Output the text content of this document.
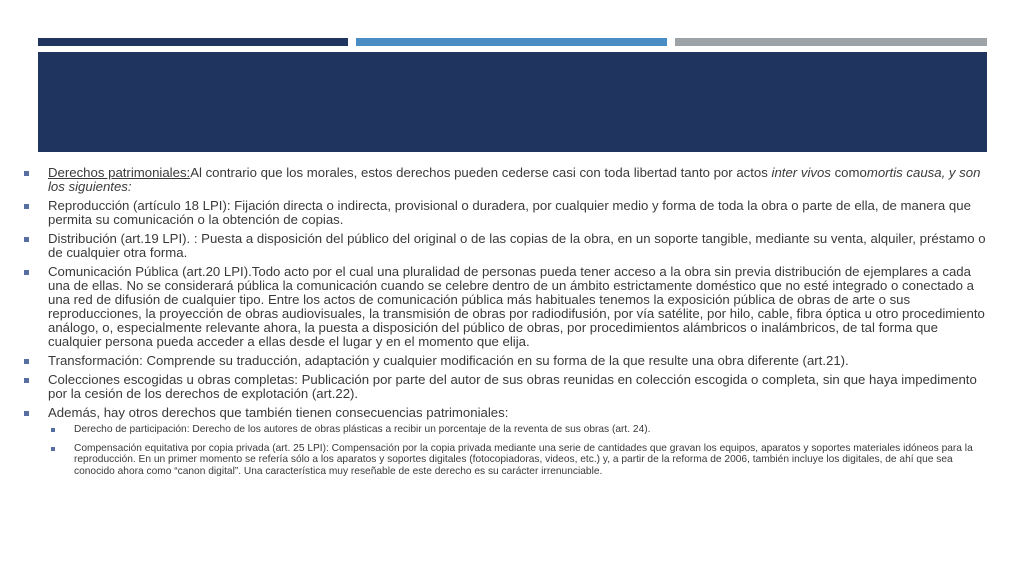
Derechos patrimoniales:Al contrario que los morales, estos derechos pueden cederse casi con toda libertad tanto por actos inter vivos comomortis causa, y son los siguientes:
Reproducción (artículo 18 LPI): Fijación directa o indirecta, provisional o duradera, por cualquier medio y forma de toda la obra o parte de ella, de manera que permita su comunicación o la obtención de copias.
Distribución (art.19 LPI). : Puesta a disposición del público del original o de las copias de la obra, en un soporte tangible, mediante su venta, alquiler, préstamo o de cualquier otra forma.
Comunicación Pública (art.20 LPI).Todo acto por el cual una pluralidad de personas pueda tener acceso a la obra sin previa distribución de ejemplares a cada una de ellas. No se considerará pública la comunicación cuando se celebre dentro de un ámbito estrictamente doméstico que no esté integrado o conectado a una red de difusión de cualquier tipo. Entre los actos de comunicación pública más habituales tenemos la exposición pública de obras de arte o sus reproducciones, la proyección de obras audiovisuales, la transmisión de obras por radiodifusión, por vía satélite, por hilo, cable, fibra óptica u otro procedimiento análogo, o, especialmente relevante ahora, la puesta a disposición del público de obras, por procedimientos alámbricos o inalámbricos, de tal forma que cualquier persona pueda acceder a ellas desde el lugar y en el momento que elija.
Transformación: Comprende su traducción, adaptación y cualquier modificación en su forma de la que resulte una obra diferente (art.21).
Colecciones escogidas u obras completas: Publicación por parte del autor de sus obras reunidas en colección escogida o completa, sin que haya impedimento por la cesión de los derechos de explotación (art.22).
Además, hay otros derechos que también tienen consecuencias patrimoniales:
Derecho de participación: Derecho de los autores de obras plásticas a recibir un porcentaje de la reventa de sus obras (art. 24).
Compensación equitativa por copia privada (art. 25 LPI): Compensación por la copia privada mediante una serie de cantidades que gravan los equipos, aparatos y soportes materiales idóneos para la reproducción. En un primer momento se refería sólo a los aparatos y soportes digitales (fotocopiadoras, videos, etc.) y, a partir de la reforma de 2006, también incluye los digitales, de ahí que sea conocido ahora como “canon digital”. Una característica muy reseñable de este derecho es su carácter irrenunciable.
